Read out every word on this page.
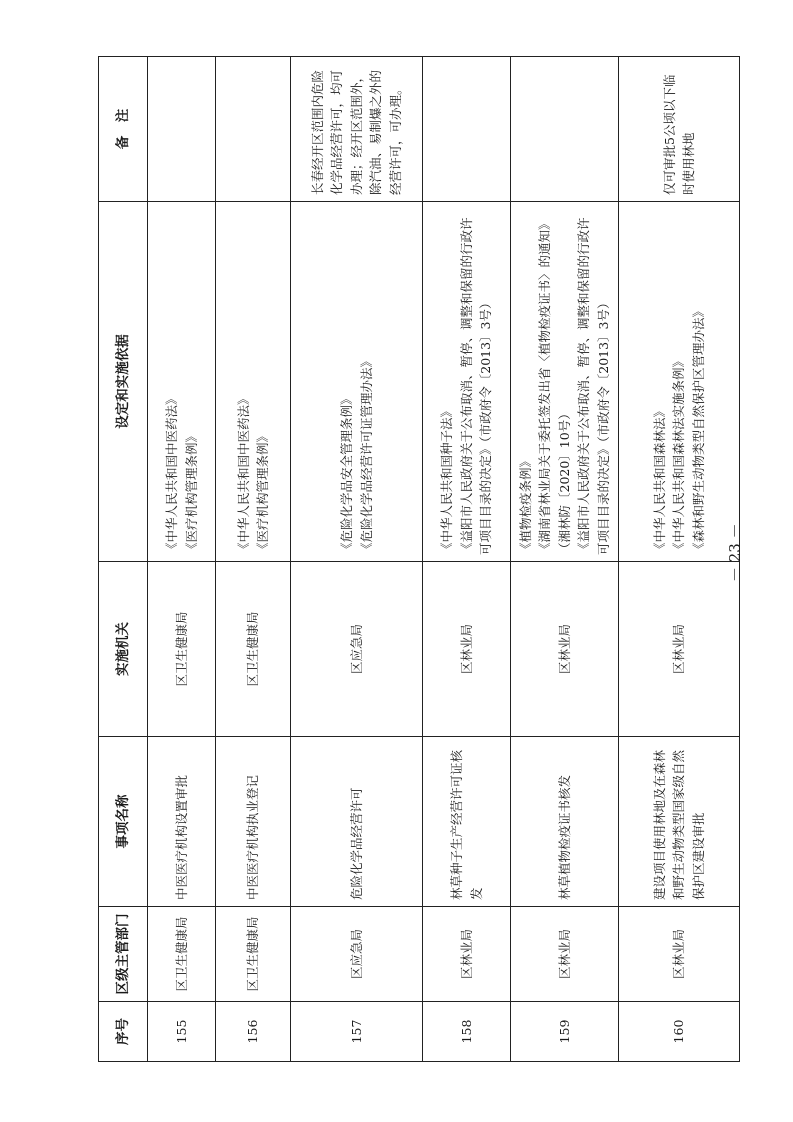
序号	区级主管部门	事项名称	实施机关	设定和实施依据	备　注
155	区卫生健康局	中医医疗机构设置审批	区卫生健康局	《中华人民共和国中医药法》 《医疗机构管理条例》	

156	区卫生健康局	中医医疗机构执业登记	区卫生健康局	《中华人民共和国中医药法》 《医疗机构管理条例》	

157	区应急局	危险化学品经营许可	区应急局	《危险化学品安全管理条例》 《危险化学品经营许可证管理办法》	长春经开区范围内危险化学品经营许可，均可办理；经开区范围外，除汽油、易制爆之外的经营许可，可办理。
158	区林业局	林草种子生产经营许可证核发	区林业局	《中华人民共和国种子法》 《益阳市人民政府关于公布取消、暂停、调整和保留的行政许可项目目录的决定》（市政府令〔2013〕3号）	

159	区林业局	林草植物检疫证书核发	区林业局	《植物检疫条例》 《湖南省林业局关于委托签发出省〈植物检疫证书〉的通知》（湘林防〔2020〕10号） 《益阳市人民政府关于公布取消、暂停、调整和保留的行政许可项目目录的决定》（市政府令〔2013〕3号）	

160	区林业局	建设项目使用林地及在森林和野生动物类型国家级自然保护区建设审批	区林业局	《中华人民共和国森林法》 《中华人民共和国森林法实施条例》 《森林和野生动物类型自然保护区管理办法》	仅可审批5公顷以下临时使用林地
－ 23 －
